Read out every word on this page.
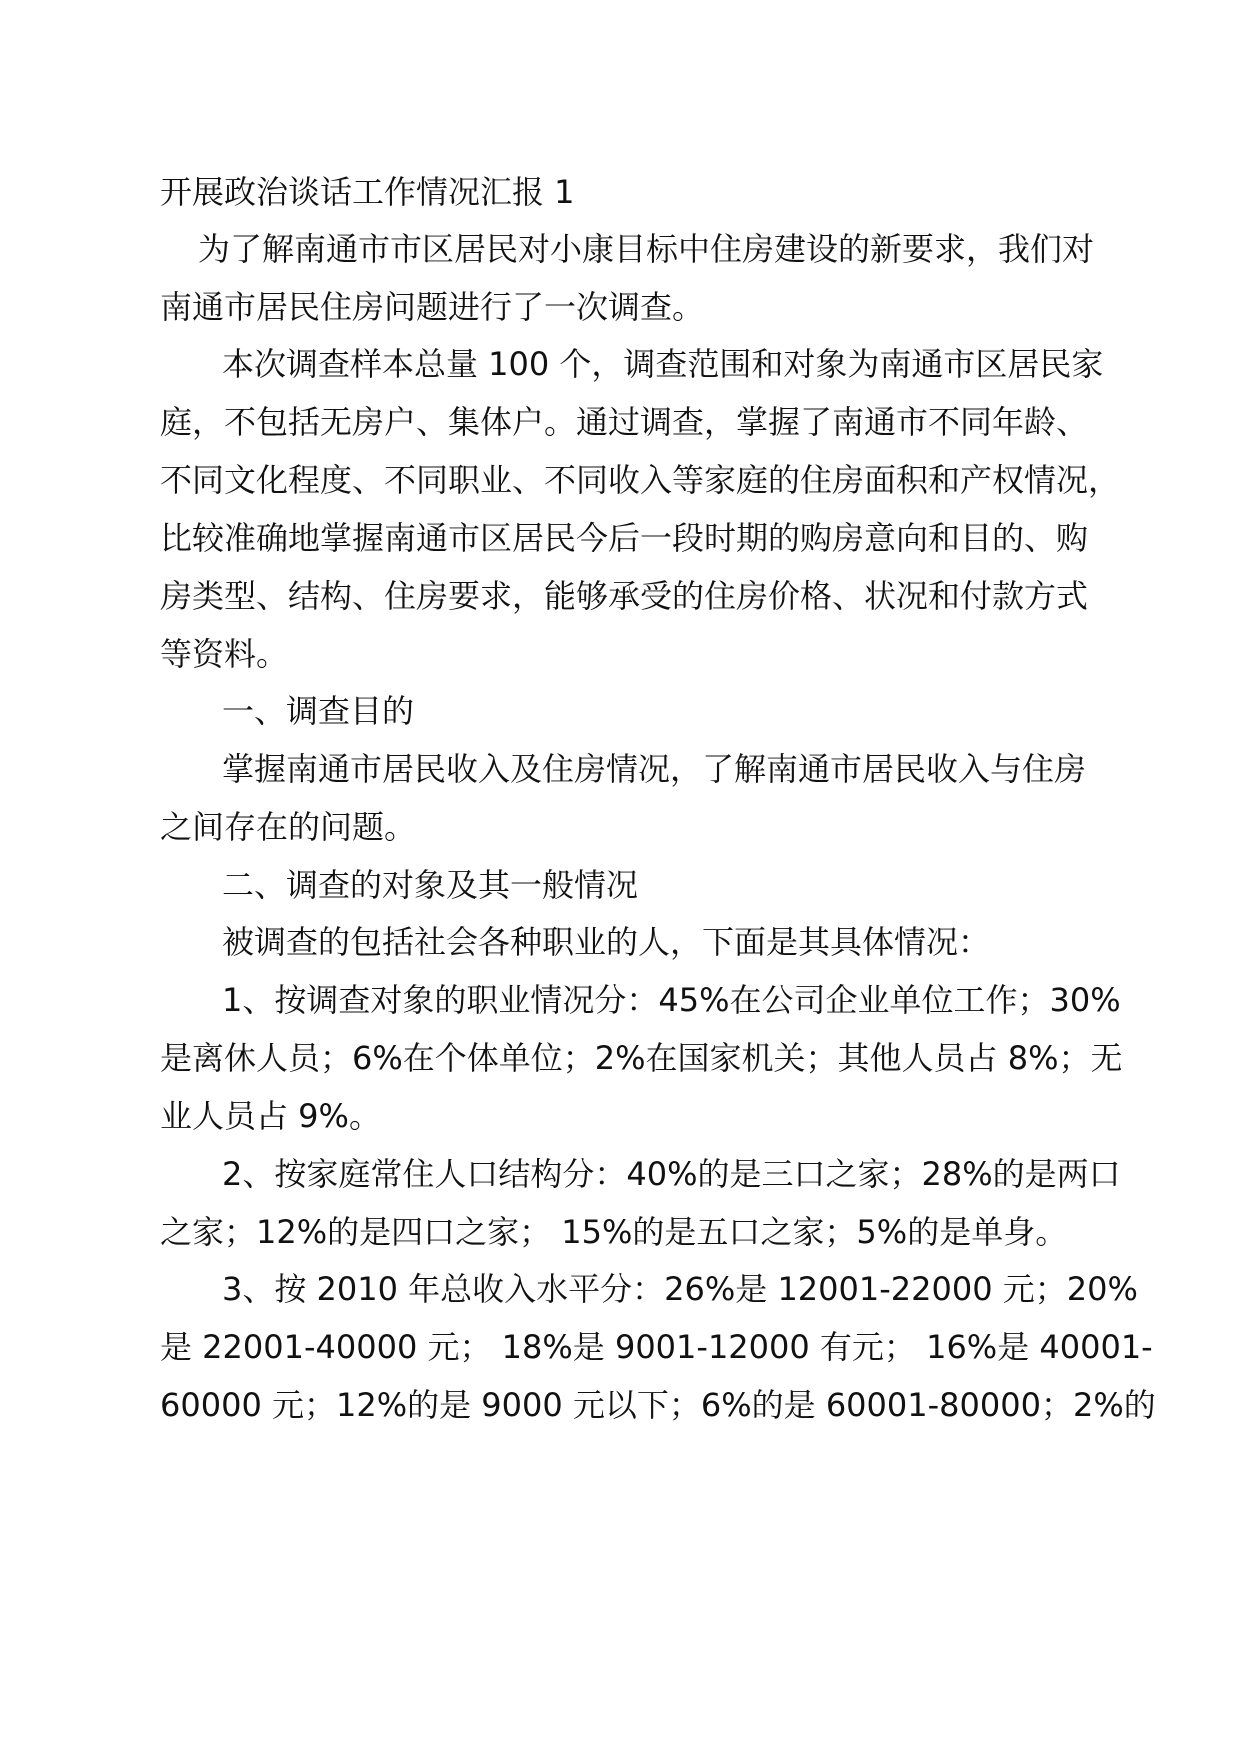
开展政治谈话工作情况汇报 1
为了解南通市市区居民对小康目标中住房建设的新要求，我们对
南通市居民住房问题进行了一次调查。
本次调查样本总量 100 个，调查范围和对象为南通市区居民家
庭，不包括无房户、集体户。通过调查，掌握了南通市不同年龄、
不同文化程度、不同职业、不同收入等家庭的住房面积和产权情况，
比较准确地掌握南通市区居民今后一段时期的购房意向和目的、购
房类型、结构、住房要求，能够承受的住房价格、状况和付款方式
等资料。
一、调查目的
掌握南通市居民收入及住房情况，了解南通市居民收入与住房
之间存在的问题。
二、调查的对象及其一般情况
被调查的包括社会各种职业的人，下面是其具体情况：
1、按调查对象的职业情况分：45%在公司企业单位工作；30%
是离休人员；6%在个体单位；2%在国家机关；其他人员占 8%；无
业人员占 9%。
2、按家庭常住人口结构分：40%的是三口之家；28%的是两口
之家；12%的是四口之家； 15%的是五口之家；5%的是单身。
3、按 2010 年总收入水平分：26%是 12001-22000 元；20%
是 22001-40000 元； 18%是 9001-12000 有元； 16%是 40001-
60000 元；12%的是 9000 元以下；6%的是 60001-80000；2%的
